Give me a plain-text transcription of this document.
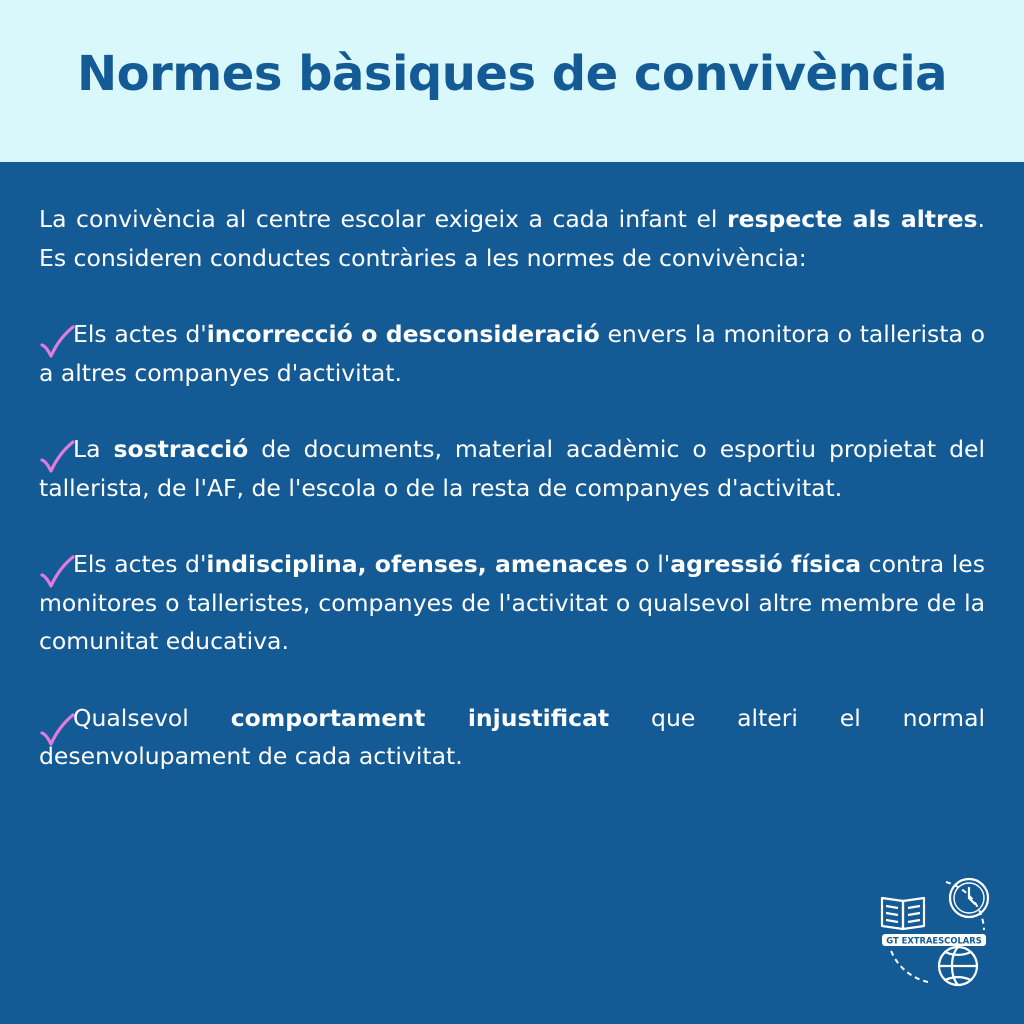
Normes bàsiques de convivència

La convivència al centre escolar exigeix a cada infant el respecte als altres. Es consideren conductes contràries a les normes de convivència:

Els actes d'incorrecció o desconsideració envers la monitora o tallerista o a altres companyes d'activitat.

La sostracció de documents, material acadèmic o esportiu propietat del tallerista, de l'AF, de l'escola o de la resta de companyes d'activitat.

Els actes d'indisciplina, ofenses, amenaces o l'agressió física contra les monitores o talleristes, companyes de l'activitat o qualsevol altre membre de la comunitat educativa.

Qualsevol comportament injustificat que alteri el normal desenvolupament de cada activitat.

GT EXTRAESCOLARS
